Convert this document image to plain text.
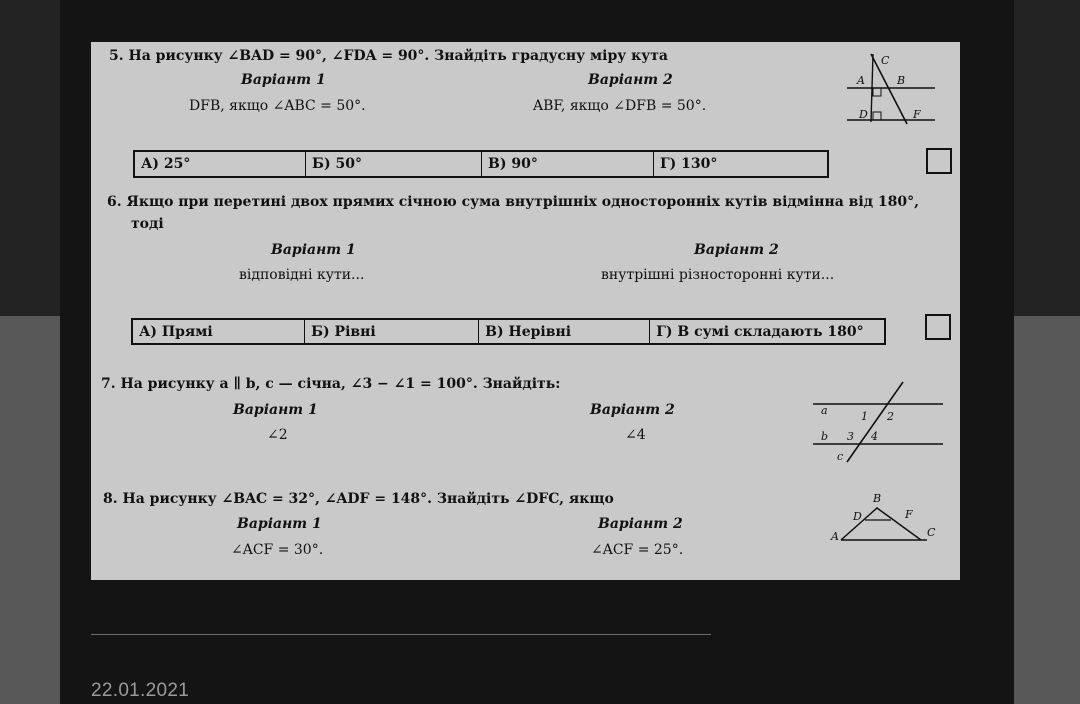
5. На рисунку ∠BAD = 90°, ∠FDA = 90°. Знайдіть градусну міру кута
Варіант 1
DFB, якщо ∠ABC = 50°.
Варіант 2
ABF, якщо ∠DFB = 50°.
C
A	B
D	F
А) 25°	Б) 50°	В) 90°	Г) 130°
6. Якщо при перетині двох прямих січною сума внутрішніх односторонніх кутів відмінна від 180°,
тоді
Варіант 1
відповідні кути...
Варіант 2
внутрішні різносторонні кути...
А) Прямі	Б) Рівні	В) Нерівні	Г) В сумі складають 180°
7. На рисунку a ∥ b, c — січна, ∠3 − ∠1 = 100°. Знайдіть:
Варіант 1
∠2
Варіант 2
∠4
a
b
c
1 2
3 4
8. На рисунку ∠BAC = 32°, ∠ADF = 148°. Знайдіть ∠DFC, якщо
Варіант 1
∠ACF = 30°.
Варіант 2
∠ACF = 25°.
B
D	F
A	C
22.01.2021
